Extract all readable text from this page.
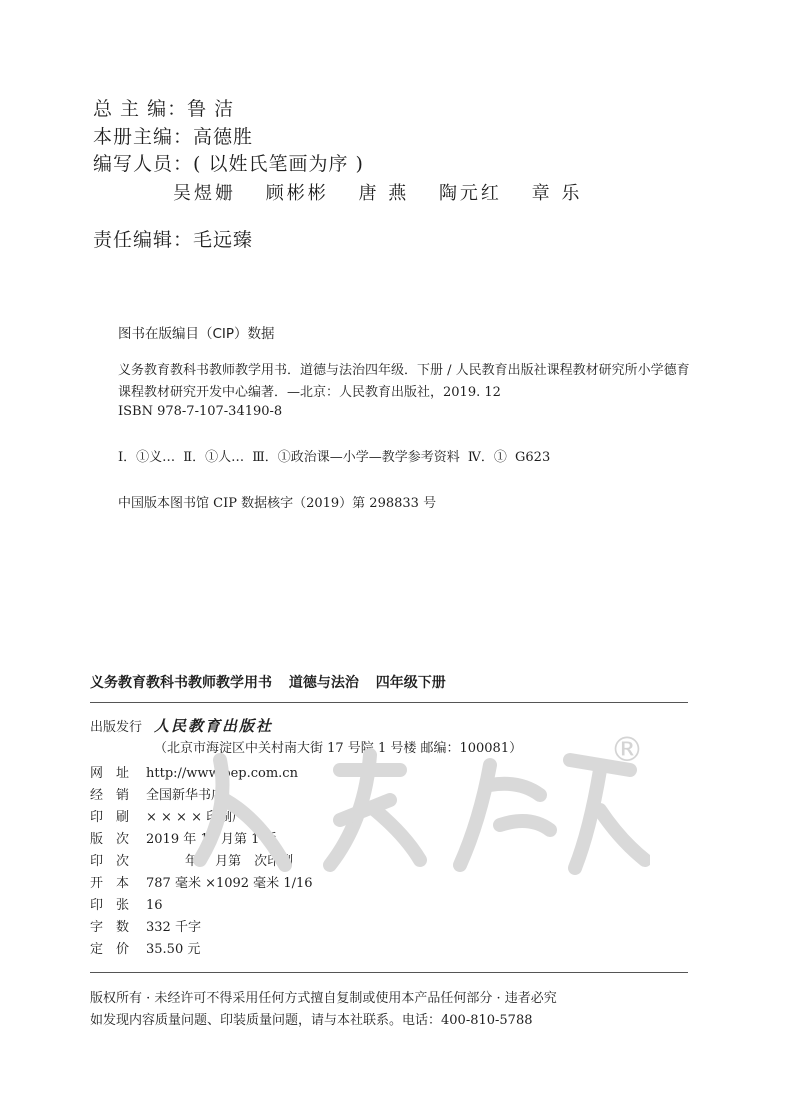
总 主 编：鲁 洁
本册主编：高德胜
编写人员：( 以姓氏笔画为序 )
吴煜姗 顾彬彬 唐 燕 陶元红 章 乐
责任编辑：毛远臻
图书在版编目（CIP）数据
义务教育教科书教师教学用书．道德与法治四年级．下册 / 人民教育出版社课程教材研究所小学德育课程教材研究开发中心编著．—北京：人民教育出版社，2019. 12
ISBN 978-7-107-34190-8
Ⅰ．①义… Ⅱ．①人… Ⅲ．①政治课—小学—教学参考资料 Ⅳ．① G623
中国版本图书馆 CIP 数据核字（2019）第 298833 号
义务教育教科书教师教学用书 道德与法治 四年级下册
出版发行 人民教育出版社
（北京市海淀区中关村南大街 17 号院 1 号楼 邮编：100081）
网　址 http://www.pep.com.cn
经　销 全国新华书店
印　刷 × × × × 印刷厂
版　次 2019 年 12 月第 1 版
印　次　　　年　 月第　次印刷
开　本 787 毫米 ×1092 毫米 1/16
印　张 16
字　数 332 千字
定　价 35.50 元
®
版权所有 · 未经许可不得采用任何方式擅自复制或使用本产品任何部分 · 违者必究
如发现内容质量问题、印装质量问题，请与本社联系。电话：400-810-5788
